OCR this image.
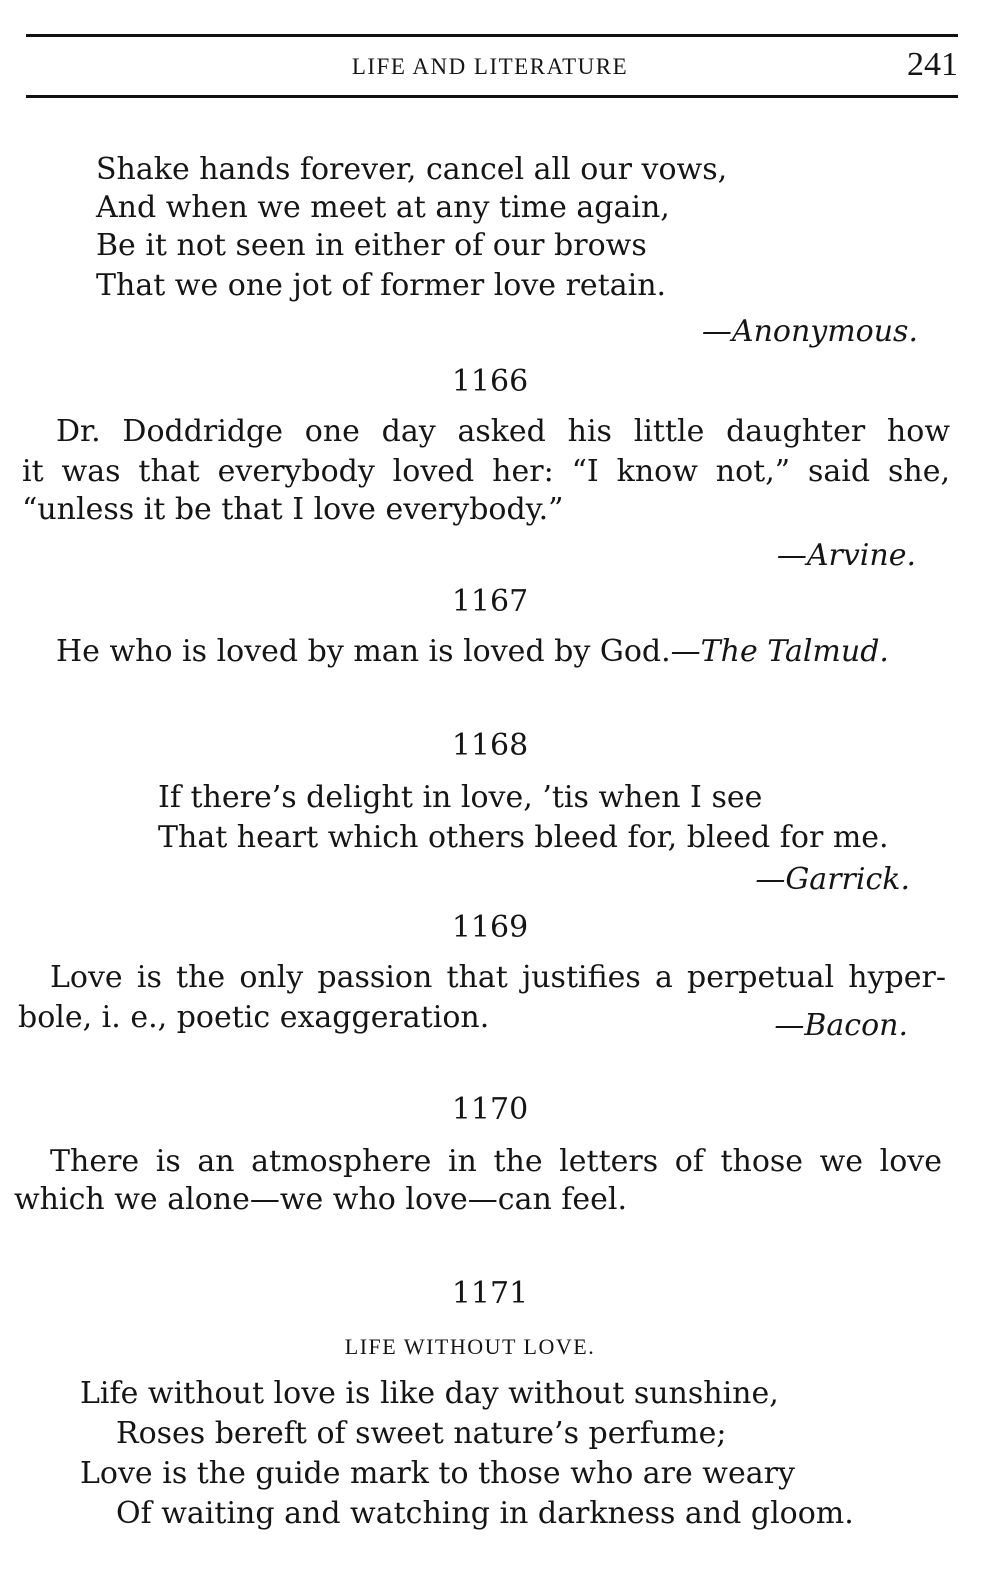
LIFE AND LITERATURE	241
Shake hands forever, cancel all our vows,
And when we meet at any time again,
Be it not seen in either of our brows
That we one jot of former love retain.
—Anonymous.
1166
Dr. Doddridge one day asked his little daughter how
it was that everybody loved her: “I know not,” said she,
“unless it be that I love everybody.”
—Arvine.
1167
He who is loved by man is loved by God.—The Talmud.
1168
If there’s delight in love, ’tis when I see
That heart which others bleed for, bleed for me.
—Garrick.
1169
Love is the only passion that justifies a perpetual hyper-
bole, i. e., poetic exaggeration.	—Bacon.
1170
There is an atmosphere in the letters of those we love
which we alone—we who love—can feel.
1171
LIFE WITHOUT LOVE.
Life without love is like day without sunshine,
Roses bereft of sweet nature’s perfume;
Love is the guide mark to those who are weary
Of waiting and watching in darkness and gloom.
